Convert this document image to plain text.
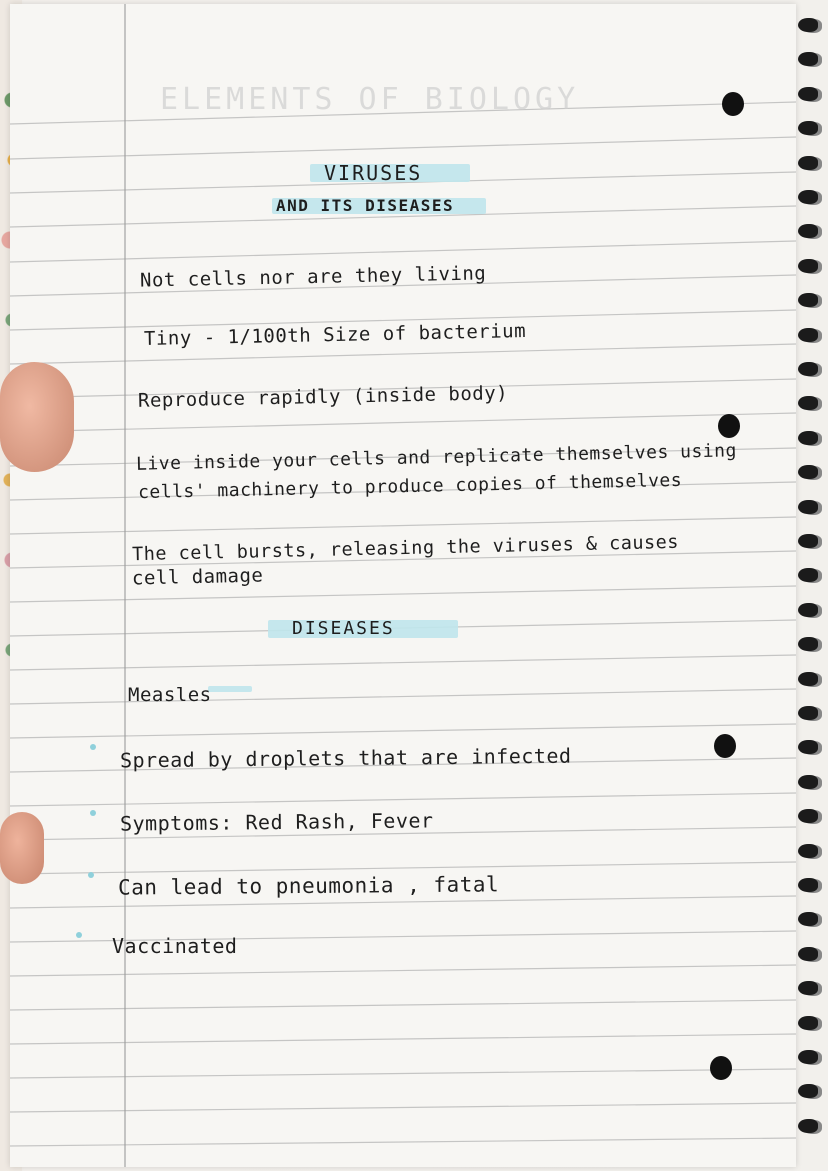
ELEMENTS OF BIOLOGY
VIRUSES
AND ITS DISEASES
Not cells nor are they living
Tiny - 1/100th Size of bacterium
Reproduce rapidly (inside body)
Live inside your cells and replicate themselves using
cells' machinery to produce copies of themselves
The cell bursts, releasing the viruses & causes
cell damage
DISEASES
Measles
Spread by droplets that are infected
Symptoms: Red Rash, Fever
Can lead to pneumonia , fatal
Vaccinated
